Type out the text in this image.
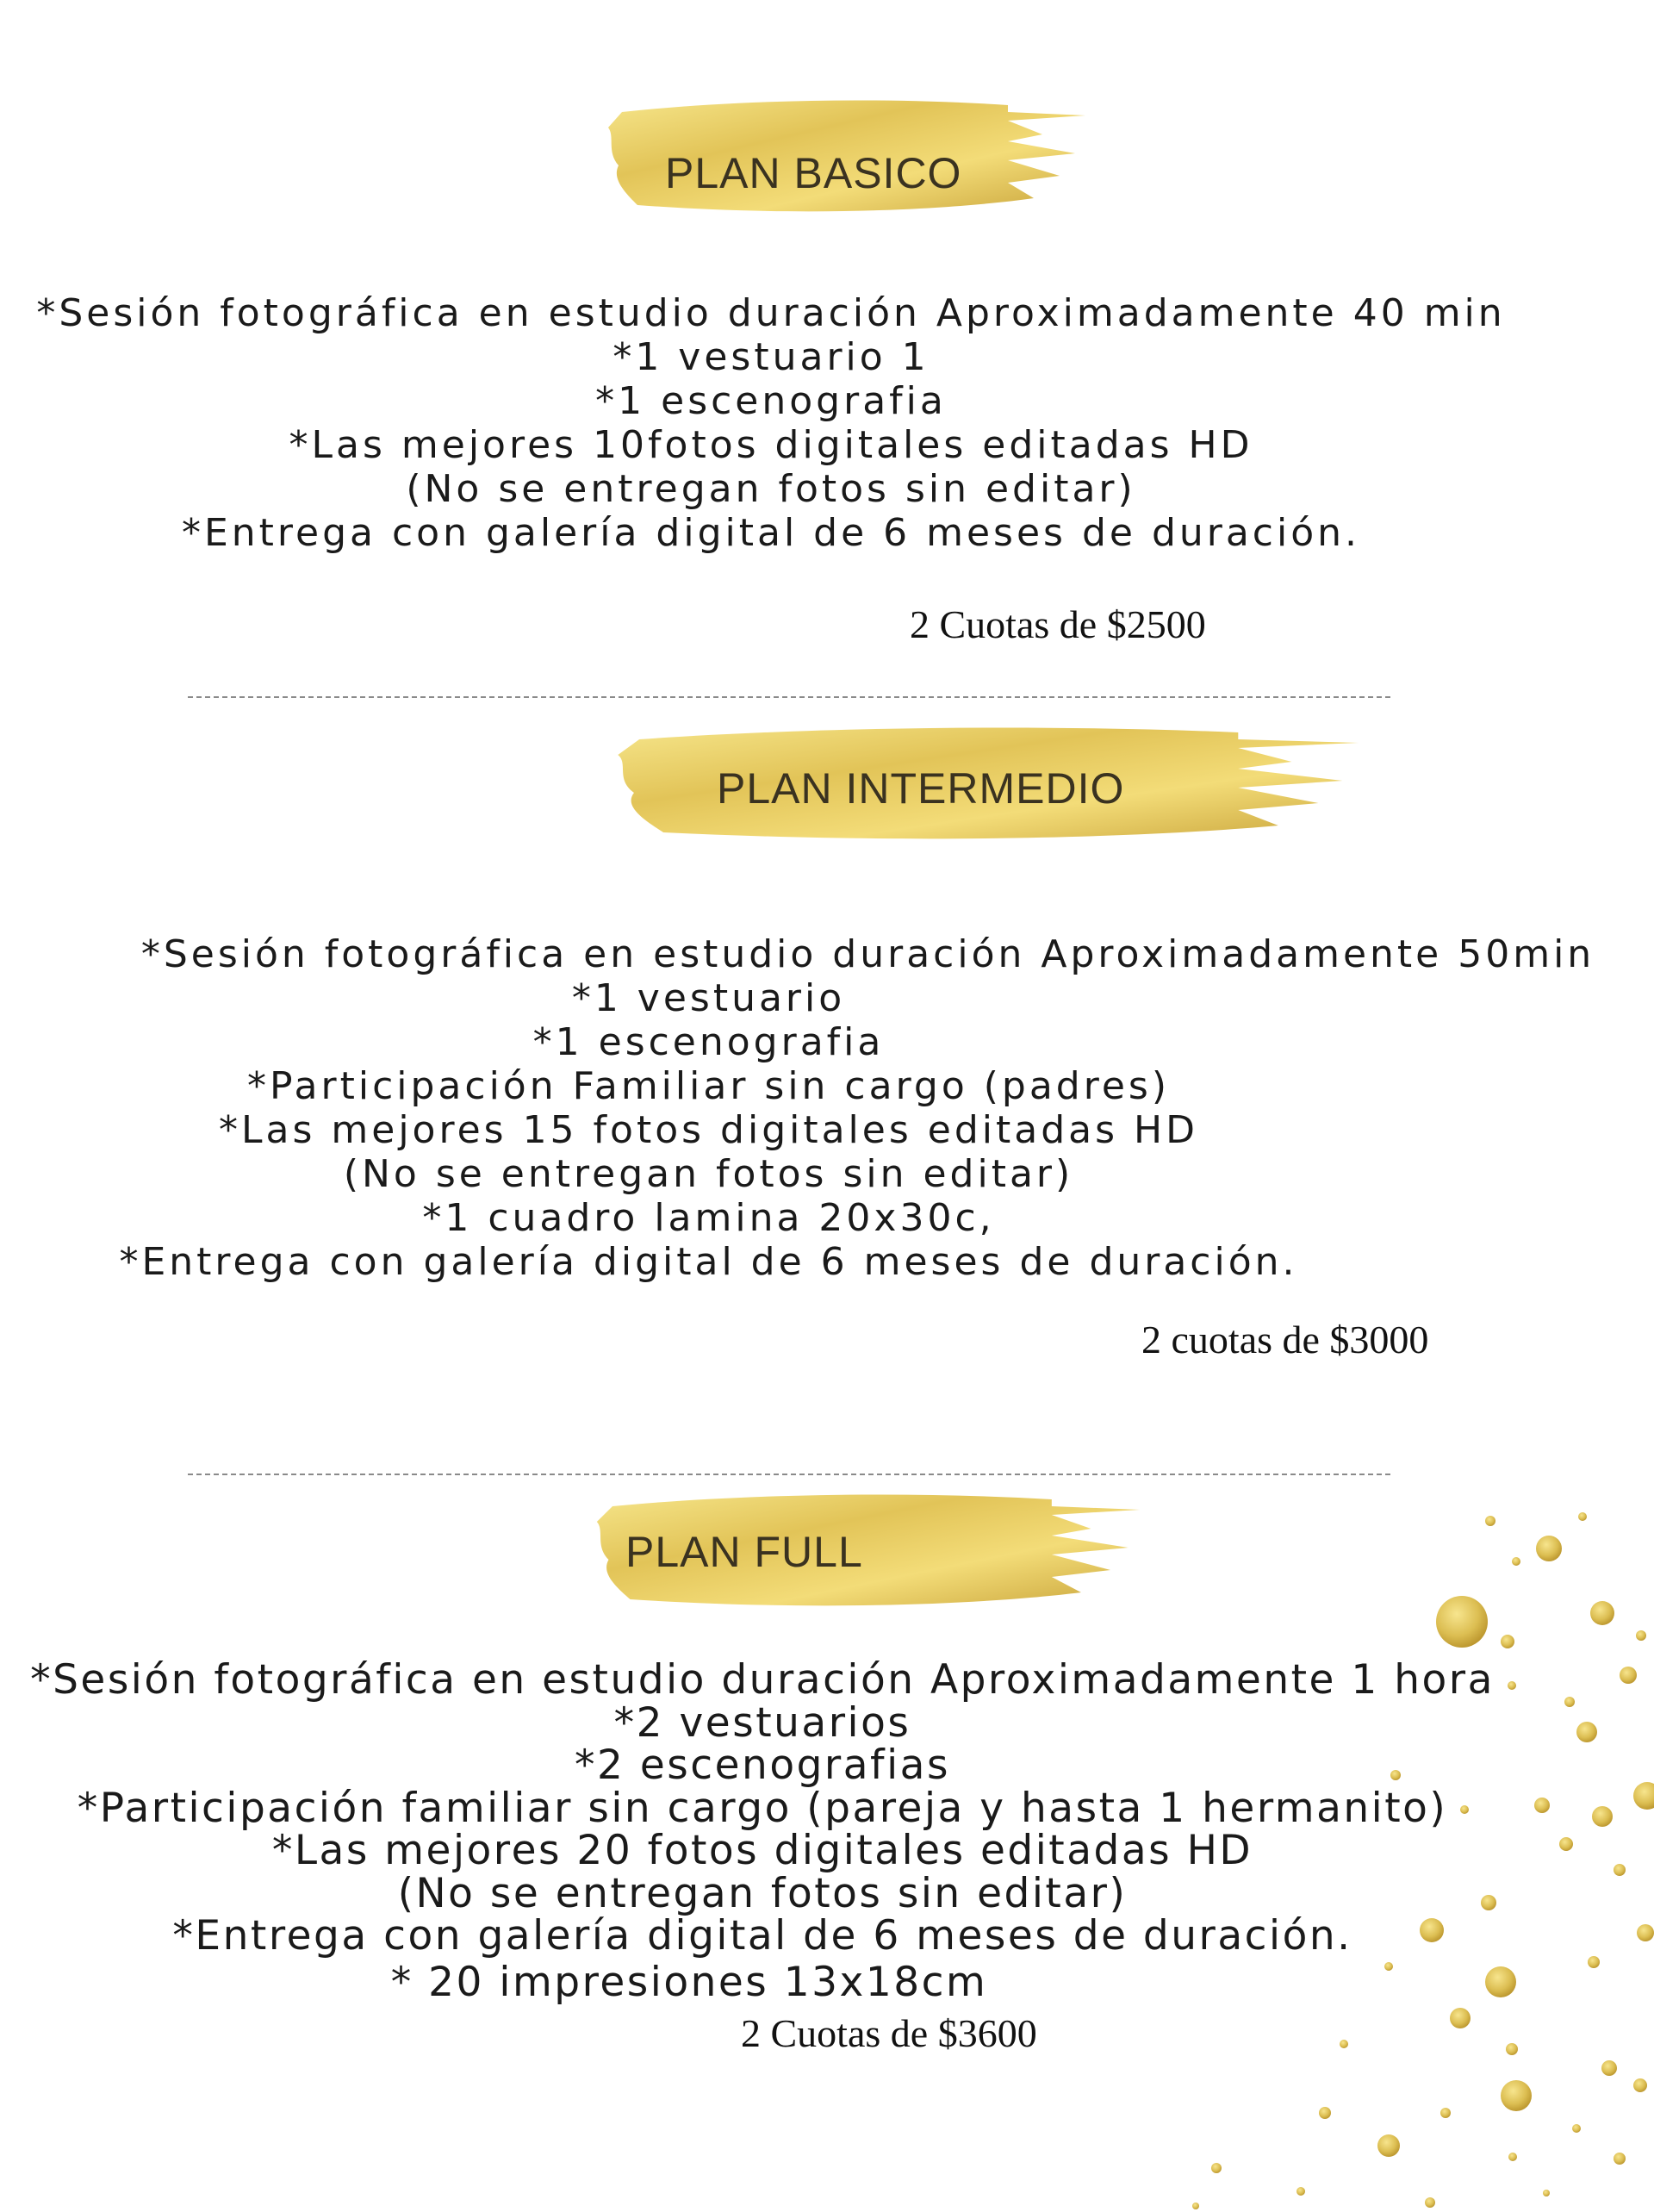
PLAN BASICO
*Sesión fotográfica en estudio duración Aproximadamente 40 min
*1 vestuario 1
*1 escenografia
*Las mejores 10fotos digitales editadas HD
(No se entregan fotos sin editar)
*Entrega con galería digital de 6 meses de duración.
2 Cuotas de $2500
PLAN INTERMEDIO
*Sesión fotográfica en estudio duración Aproximadamente 50min
*1 vestuario
*1 escenografia
*Participación Familiar sin cargo (padres)
*Las mejores 15 fotos digitales editadas HD
(No se entregan fotos sin editar)
*1 cuadro lamina 20x30c,
*Entrega con galería digital de 6 meses de duración.
2 cuotas de $3000
PLAN FULL
*Sesión fotográfica en estudio duración Aproximadamente 1 hora
*2 vestuarios
*2 escenografias
*Participación familiar sin cargo (pareja y hasta 1 hermanito)
*Las mejores 20 fotos digitales editadas HD
(No se entregan fotos sin editar)
*Entrega con galería digital de 6 meses de duración.
* 20 impresiones 13x18cm
2 Cuotas de $3600
